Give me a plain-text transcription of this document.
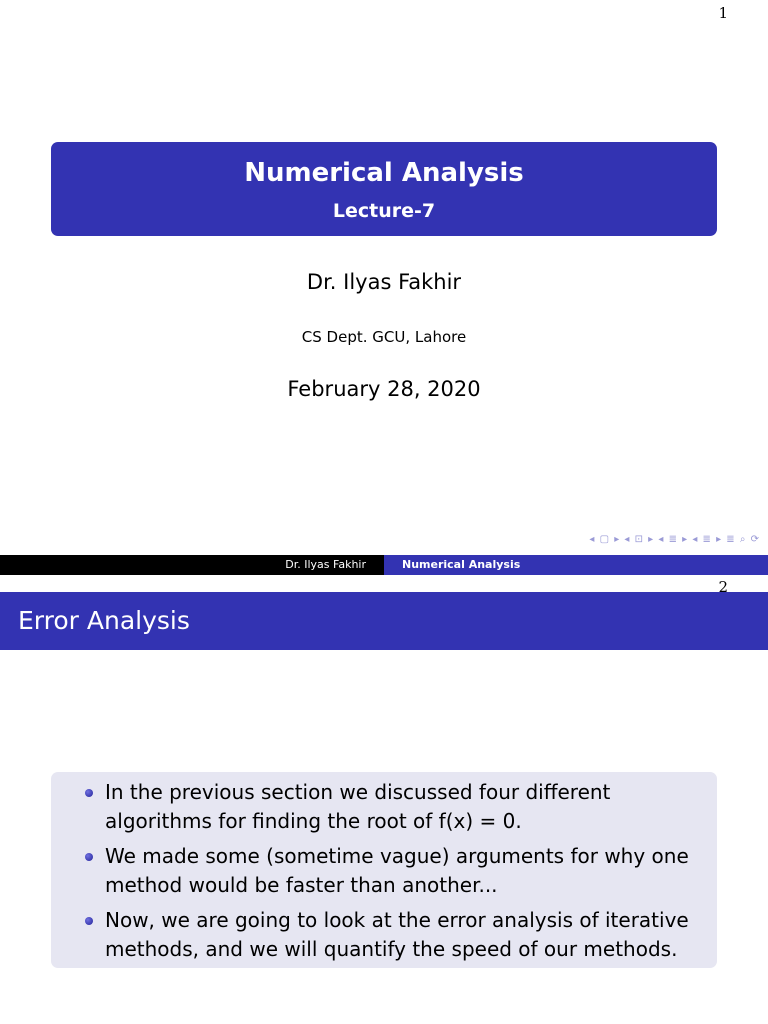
1
Numerical Analysis
Lecture-7
Dr. Ilyas Fakhir
CS Dept. GCU, Lahore
February 28, 2020
◂ ▢ ▸ ◂ ⊡ ▸ ◂ ≣ ▸ ◂ ≣ ▸ ≣ ⌕ ⟳
Dr. Ilyas Fakhir	Numerical Analysis
2
Error Analysis
In the previous section we discussed four different algorithms for finding the root of f(x) = 0.
We made some (sometime vague) arguments for why one method would be faster than another...
Now, we are going to look at the error analysis of iterative methods, and we will quantify the speed of our methods.
